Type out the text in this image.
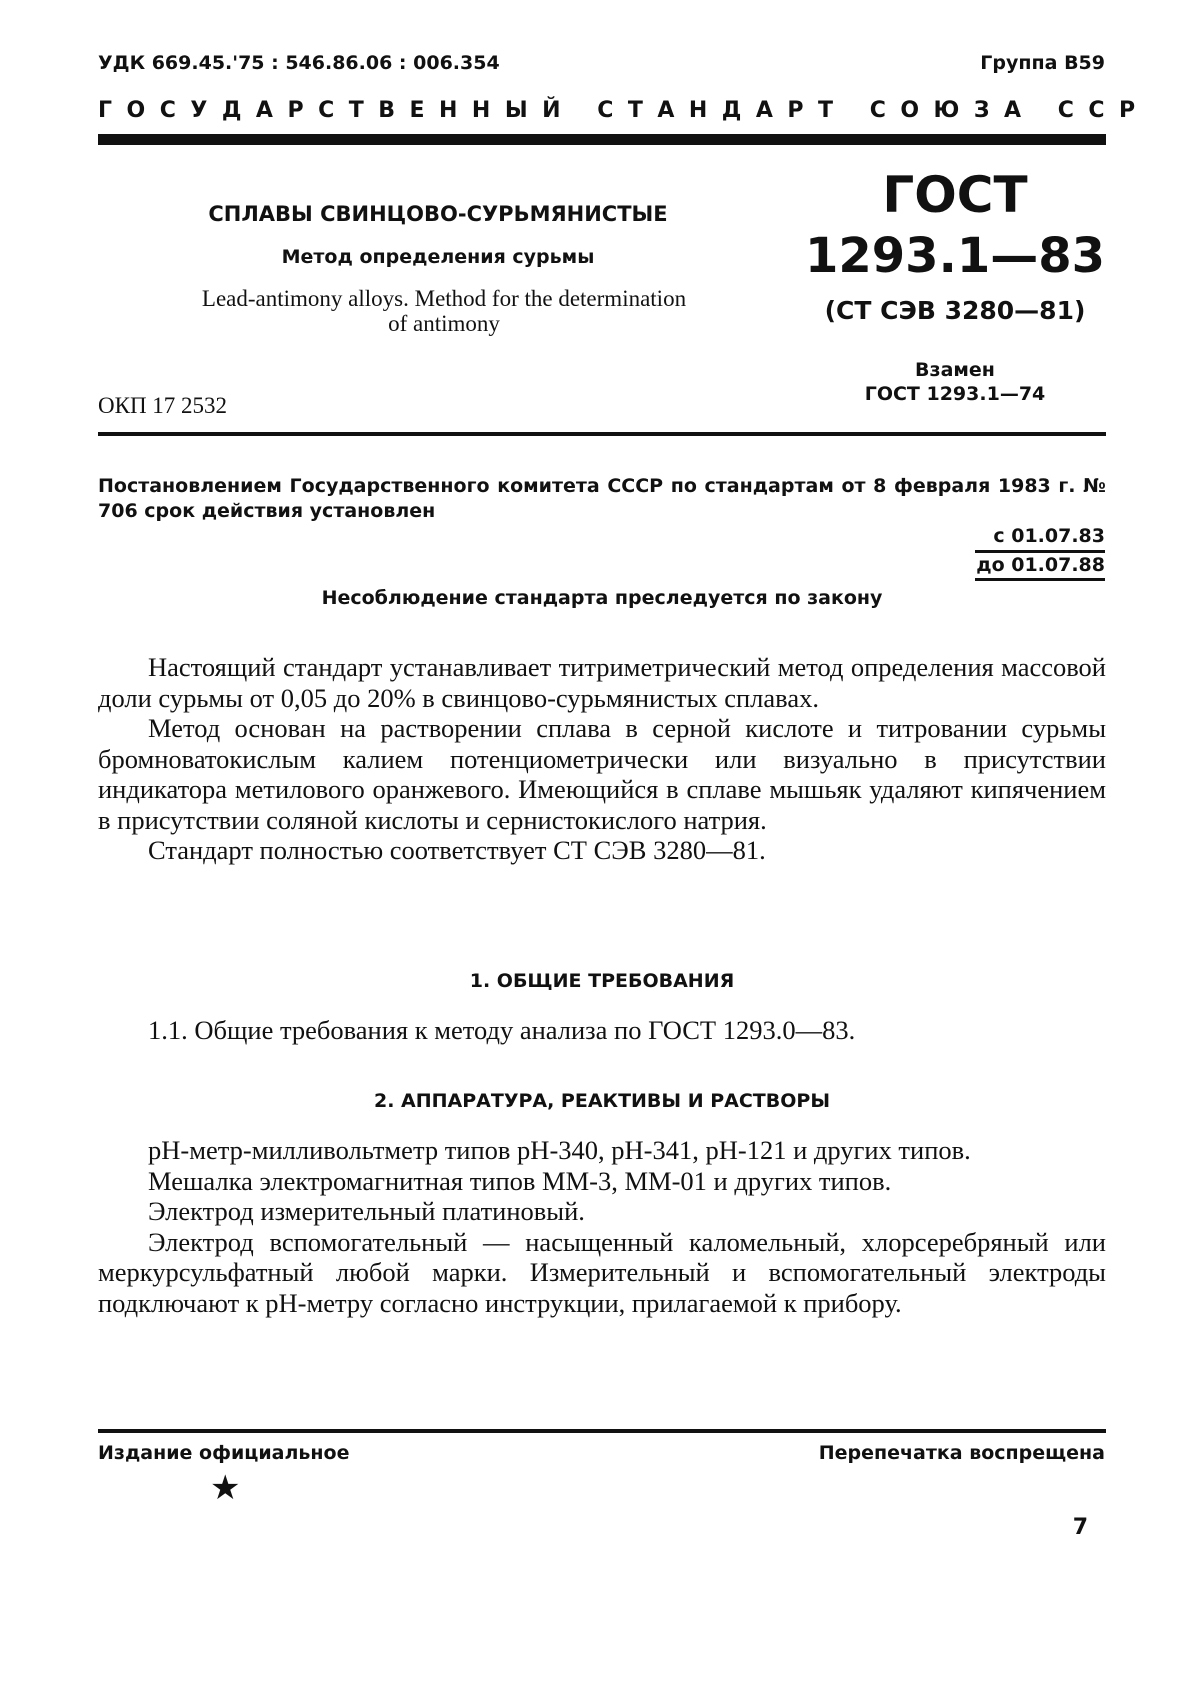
УДК 669.45.'75 : 546.86.06 : 006.354	Группа В59
ГОСУДАРСТВЕННЫЙ СТАНДАРТ СОЮЗА ССР
СПЛАВЫ СВИНЦОВО-СУРЬМЯНИСТЫЕ
Метод определения сурьмы
Lead-antimony alloys. Method for the determination
of antimony
ОКП 17 2532
ГОСТ
1293.1—83
(СТ СЭВ 3280—81)
Взамен
ГОСТ 1293.1—74
Постановлением Государственного комитета СССР по стандартам от 8 февраля 1983 г. № 706 срок действия установлен
с 01.07.83
до 01.07.88
Несоблюдение стандарта преследуется по закону

Настоящий стандарт устанавливает титриметрический метод определения массовой доли сурьмы от 0,05 до 20% в свинцово-сурьмянистых сплавах.

Метод основан на растворении сплава в серной кислоте и титровании сурьмы бромноватокислым калием потенциометрически или визуально в присутствии индикатора метилового оранжевого. Имеющийся в сплаве мышьяк удаляют кипячением в присутствии соляной кислоты и сернистокислого натрия.

Стандарт полностью соответствует СТ СЭВ 3280—81.

1. ОБЩИЕ ТРЕБОВАНИЯ

1.1. Общие требования к методу анализа по ГОСТ 1293.0—83.

2. АППАРАТУРА, РЕАКТИВЫ И РАСТВОРЫ

pH-метр-милливольтметр типов рН-340, рН-341, рН-121 и других типов.

Мешалка электромагнитная типов ММ-3, ММ-01 и других типов.

Электрод измерительный платиновый.

Электрод вспомогательный — насыщенный каломельный, хлорсеребряный или меркурсульфатный любой марки. Измерительный и вспомогательный электроды подключают к pH-метру согласно инструкции, прилагаемой к прибору.

Издание официальное	Перепечатка воспрещена
★
7
